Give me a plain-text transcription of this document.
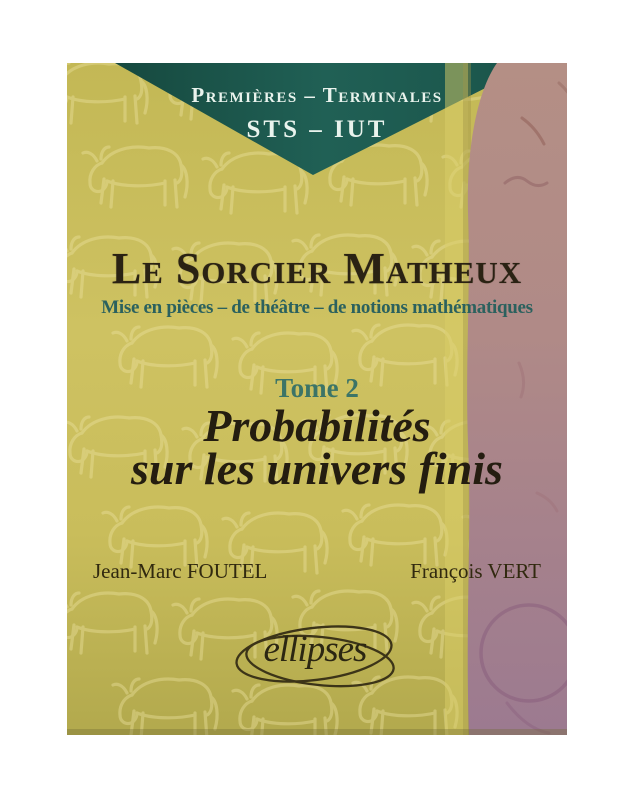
Premières – Terminales
STS – IUT
Le Sorcier Matheux
Mise en pièces – de théâtre – de notions mathématiques
Tome 2
Probabilités
sur les univers finis
Jean-Marc FOUTEL	François VERT
ellipses
